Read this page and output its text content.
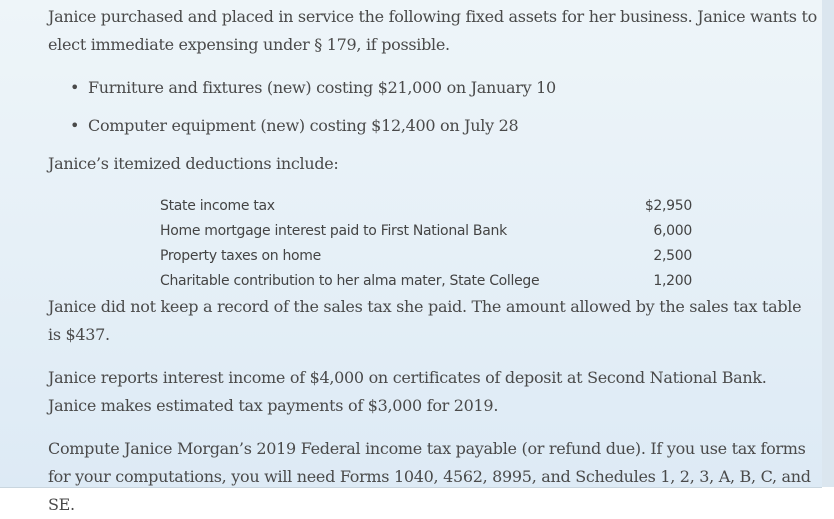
Janice purchased and placed in service the following fixed assets for her business. Janice wants to elect immediate expensing under § 179, if possible.

• Furniture and fixtures (new) costing $21,000 on January 10
• Computer equipment (new) costing $12,400 on July 28

Janice’s itemized deductions include:

State income tax	$2,950
Home mortgage interest paid to First National Bank	6,000
Property taxes on home	2,500
Charitable contribution to her alma mater, State College	1,200

Janice did not keep a record of the sales tax she paid. The amount allowed by the sales tax table is $437.

Janice reports interest income of $4,000 on certificates of deposit at Second National Bank. Janice makes estimated tax payments of $3,000 for 2019.

Compute Janice Morgan’s 2019 Federal income tax payable (or refund due). If you use tax forms for your computations, you will need Forms 1040, 4562, 8995, and Schedules 1, 2, 3, A, B, C, and SE.
